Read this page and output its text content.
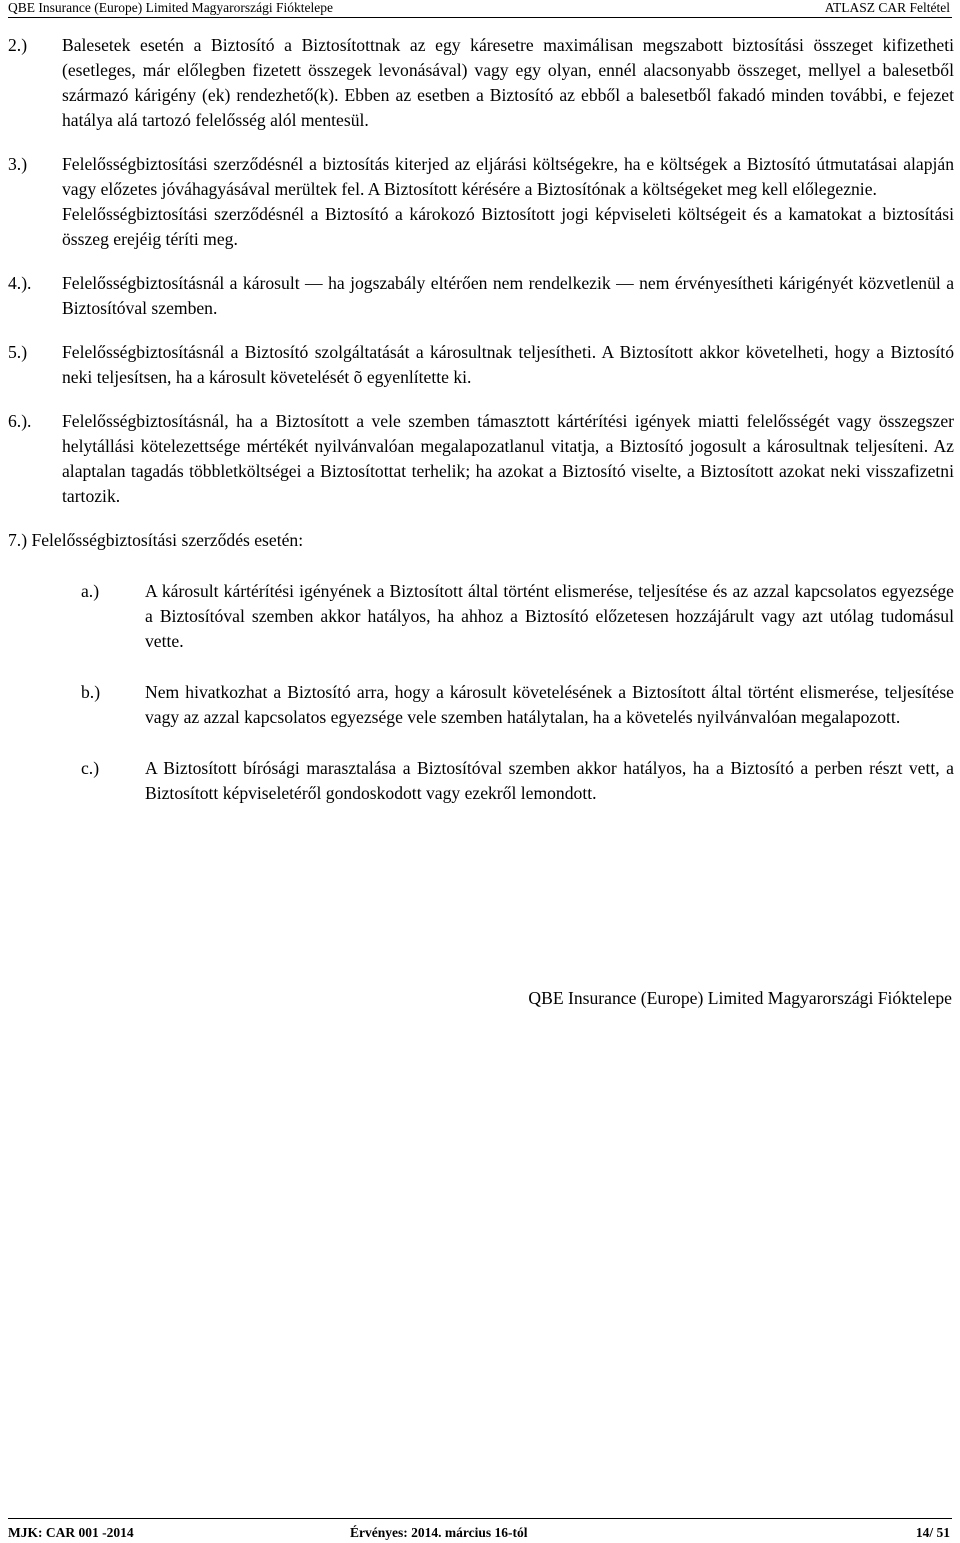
QBE Insurance (Europe) Limited Magyarországi Fióktelepe	ATLASZ CAR Feltétel
2.) Balesetek esetén a Biztosító a Biztosítottnak az egy káresetre maximálisan megszabott biztosítási összeget kifizetheti (esetleges, már előlegben fizetett összegek levonásával) vagy egy olyan, ennél alacsonyabb összeget, mellyel a balesetből származó kárigény (ek) rendezhető(k). Ebben az esetben a Biztosító az ebből a balesetből fakadó minden további, e fejezet hatálya alá tartozó felelősség alól mentesül.

3.) Felelősségbiztosítási szerződésnél a biztosítás kiterjed az eljárási költségekre, ha e költségek a Biztosító útmutatásai alapján vagy előzetes jóváhagyásával merültek fel. A Biztosított kérésére a Biztosítónak a költségeket meg kell előlegeznie.

Felelősségbiztosítási szerződésnél a Biztosító a károkozó Biztosított jogi képviseleti költségeit és a kamatokat a biztosítási összeg erejéig téríti meg.

4.). Felelősségbiztosításnál a károsult — ha jogszabály eltérően nem rendelkezik — nem érvényesítheti kárigényét közvetlenül a Biztosítóval szemben.

5.) Felelősségbiztosításnál a Biztosító szolgáltatását a károsultnak teljesítheti. A Biztosított akkor követelheti, hogy a Biztosító neki teljesítsen, ha a károsult követelését õ egyenlítette ki.

6.). Felelősségbiztosításnál, ha a Biztosított a vele szemben támasztott kártérítési igények miatti felelősségét vagy összegszer helytállási kötelezettsége mértékét nyilvánvalóan megalapozatlanul vitatja, a Biztosító jogosult a károsultnak teljesíteni. Az alaptalan tagadás többletköltségei a Biztosítottat terhelik; ha azokat a Biztosító viselte, a Biztosított azokat neki visszafizetni tartozik.

7.) Felelősségbiztosítási szerződés esetén:
a.)	A károsult kártérítési igényének a Biztosított által történt elismerése, teljesítése és az azzal kapcsolatos egyezsége a Biztosítóval szemben akkor hatályos, ha ahhoz a Biztosító előzetesen hozzájárult vagy azt utólag tudomásul vette.

b.)	Nem hivatkozhat a Biztosító arra, hogy a károsult követelésének a Biztosított által történt elismerése, teljesítése vagy az azzal kapcsolatos egyezsége vele szemben hatálytalan, ha a követelés nyilvánvalóan megalapozott.

c.)	A Biztosított bírósági marasztalása a Biztosítóval szemben akkor hatályos, ha a Biztosító a perben részt vett, a Biztosított képviseletéről gondoskodott vagy ezekről lemondott.

QBE Insurance (Europe) Limited Magyarországi Fióktelepe
MJK: CAR 001 -2014	Érvényes: 2014. március 16-tól	14/ 51
